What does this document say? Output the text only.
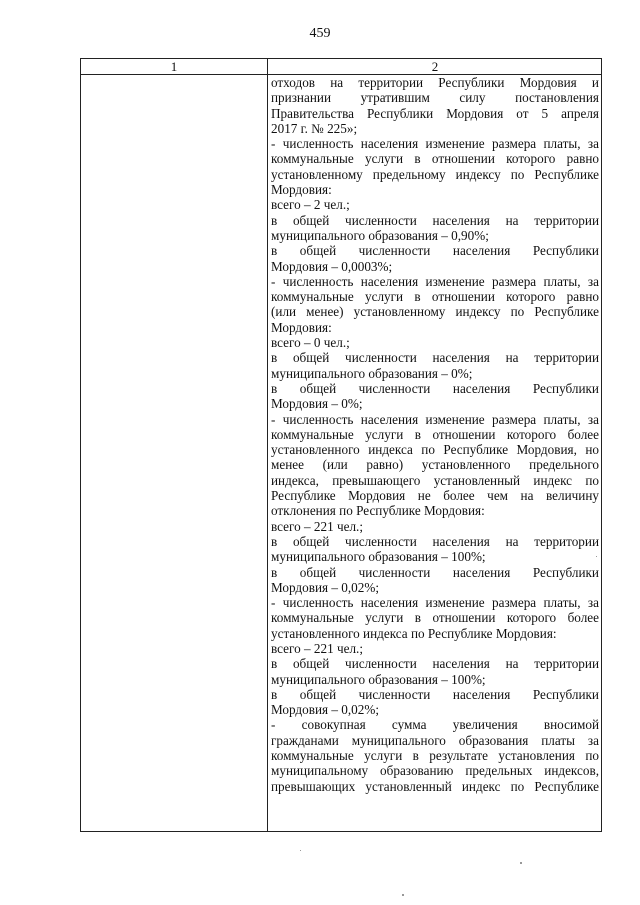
459
1	2
отходов на территории Республики Мордовия и
признании утратившим силу постановления
Правительства Республики Мордовия от 5 апреля
2017 г. № 225»;
- численность населения изменение размера платы, за
коммунальные услуги в отношении которого равно
установленному предельному индексу по Республике
Мордовия:
всего – 2 чел.;
в общей численности населения на территории
муниципального образования – 0,90%;
в общей численности населения Республики
Мордовия – 0,0003%;
- численность населения изменение размера платы, за
коммунальные услуги в отношении которого равно
(или менее) установленному индексу по Республике
Мордовия:
всего – 0 чел.;
в общей численности населения на территории
муниципального образования – 0%;
в общей численности населения Республики
Мордовия – 0%;
- численность населения изменение размера платы, за
коммунальные услуги в отношении которого более
установленного индекса по Республике Мордовия, но
менее (или равно) установленного предельного
индекса, превышающего установленный индекс по
Республике Мордовия не более чем на величину
отклонения по Республике Мордовия:
всего – 221 чел.;
в общей численности населения на территории
муниципального образования – 100%;
в общей численности населения Республики
Мордовия – 0,02%;
- численность населения изменение размера платы, за
коммунальные услуги в отношении которого более
установленного индекса по Республике Мордовия:
всего – 221 чел.;
в общей численности населения на территории
муниципального образования – 100%;
в общей численности населения Республики
Мордовия – 0,02%;
- совокупная сумма увеличения вносимой
гражданами муниципального образования платы за
коммунальные услуги в результате установления по
муниципальному образованию предельных индексов,
превышающих установленный индекс по Республике
